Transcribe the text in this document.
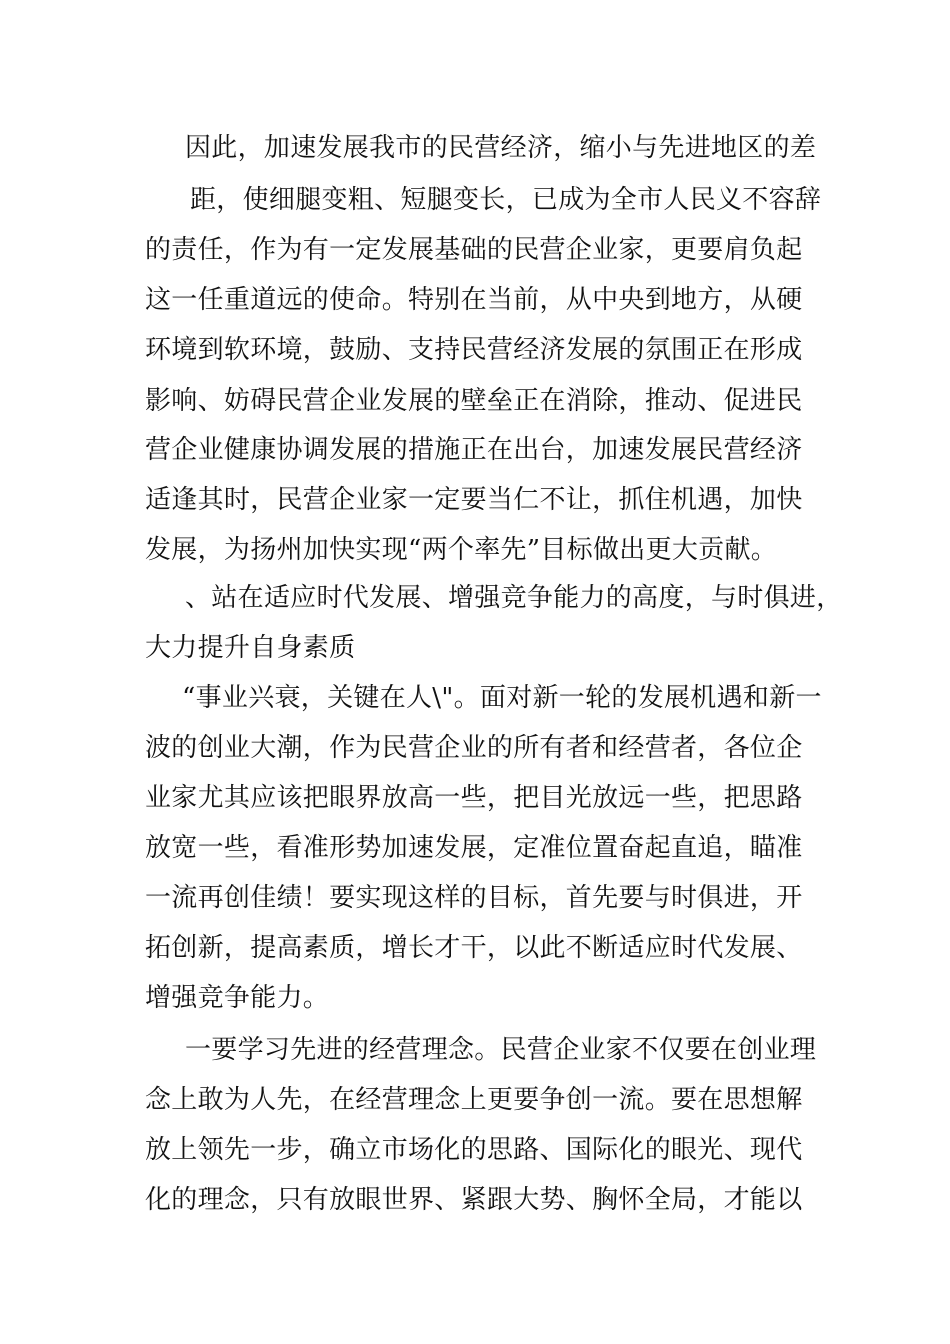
因此，加速发展我市的民营经济，缩小与先进地区的差
距，使细腿变粗、短腿变长，已成为全市人民义不容辞
的责任，作为有一定发展基础的民营企业家，更要肩负起
这一任重道远的使命。特别在当前，从中央到地方，从硬
环境到软环境，鼓励、支持民营经济发展的氛围正在形成
影响、妨碍民营企业发展的壁垒正在消除，推动、促进民
营企业健康协调发展的措施正在出台，加速发展民营经济
适逢其时，民营企业家一定要当仁不让，抓住机遇，加快
发展，为扬州加快实现“两个率先”目标做出更大贡献。
、站在适应时代发展、增强竞争能力的高度，与时俱进，
大力提升自身素质
“事业兴衰，关键在人\"。面对新一轮的发展机遇和新一
波的创业大潮，作为民营企业的所有者和经营者，各位企
业家尤其应该把眼界放高一些，把目光放远一些，把思路
放宽一些，看准形势加速发展，定准位置奋起直追，瞄准
一流再创佳绩！要实现这样的目标，首先要与时俱进，开
拓创新，提高素质，增长才干，以此不断适应时代发展、
增强竞争能力。
一要学习先进的经营理念。民营企业家不仅要在创业理
念上敢为人先，在经营理念上更要争创一流。要在思想解
放上领先一步，确立市场化的思路、国际化的眼光、现代
化的理念，只有放眼世界、紧跟大势、胸怀全局，才能以
